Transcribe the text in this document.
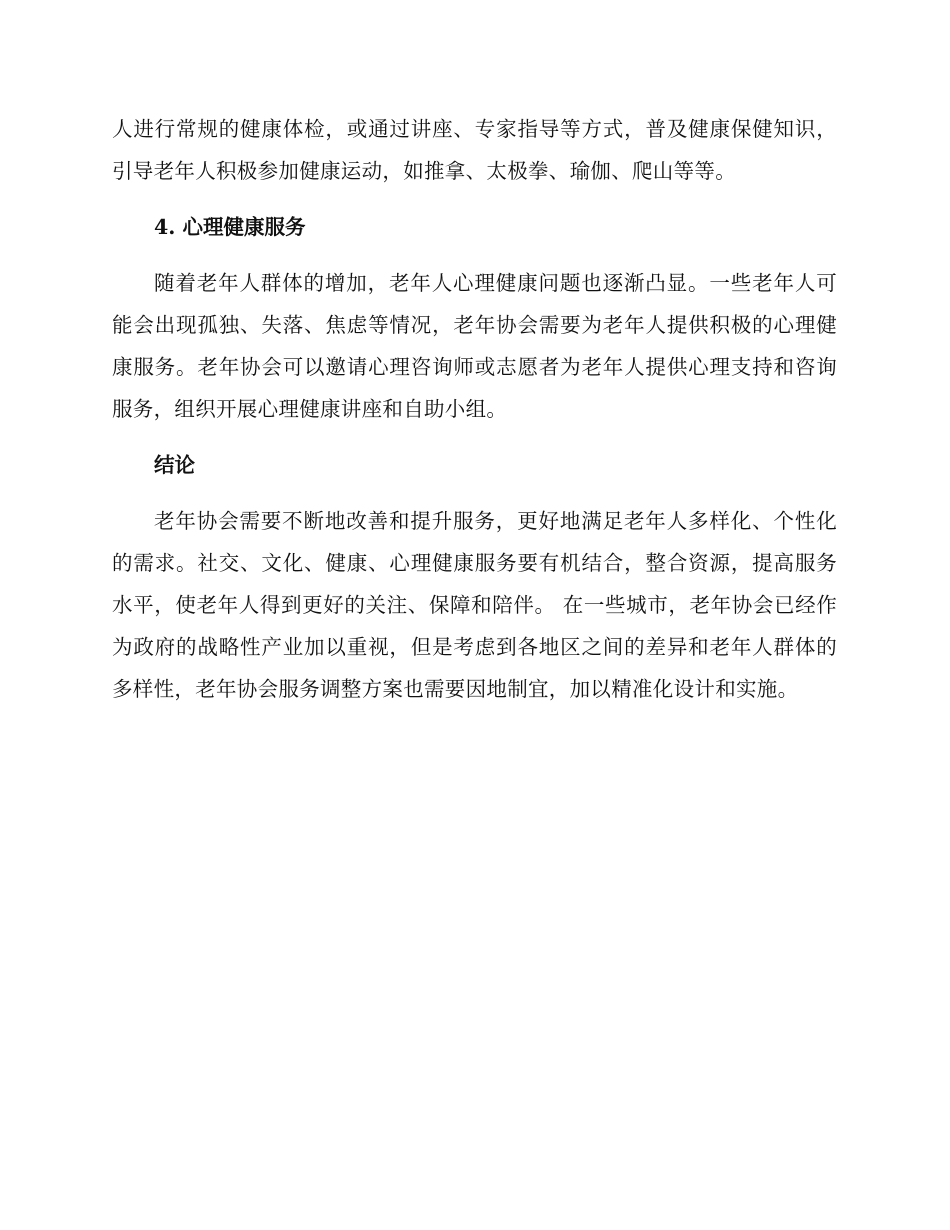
人进行常规的健康体检，或通过讲座、专家指导等方式，普及健康保健知识，引导老年人积极参加健康运动，如推拿、太极拳、瑜伽、爬山等等。

4. 心理健康服务

随着老年人群体的增加，老年人心理健康问题也逐渐凸显。一些老年人可能会出现孤独、失落、焦虑等情况，老年协会需要为老年人提供积极的心理健康服务。老年协会可以邀请心理咨询师或志愿者为老年人提供心理支持和咨询服务，组织开展心理健康讲座和自助小组。

结论

老年协会需要不断地改善和提升服务，更好地满足老年人多样化、个性化的需求。社交、文化、健康、心理健康服务要有机结合，整合资源，提高服务水平，使老年人得到更好的关注、保障和陪伴。 在一些城市，老年协会已经作为政府的战略性产业加以重视，但是考虑到各地区之间的差异和老年人群体的多样性，老年协会服务调整方案也需要因地制宜，加以精准化设计和实施。
